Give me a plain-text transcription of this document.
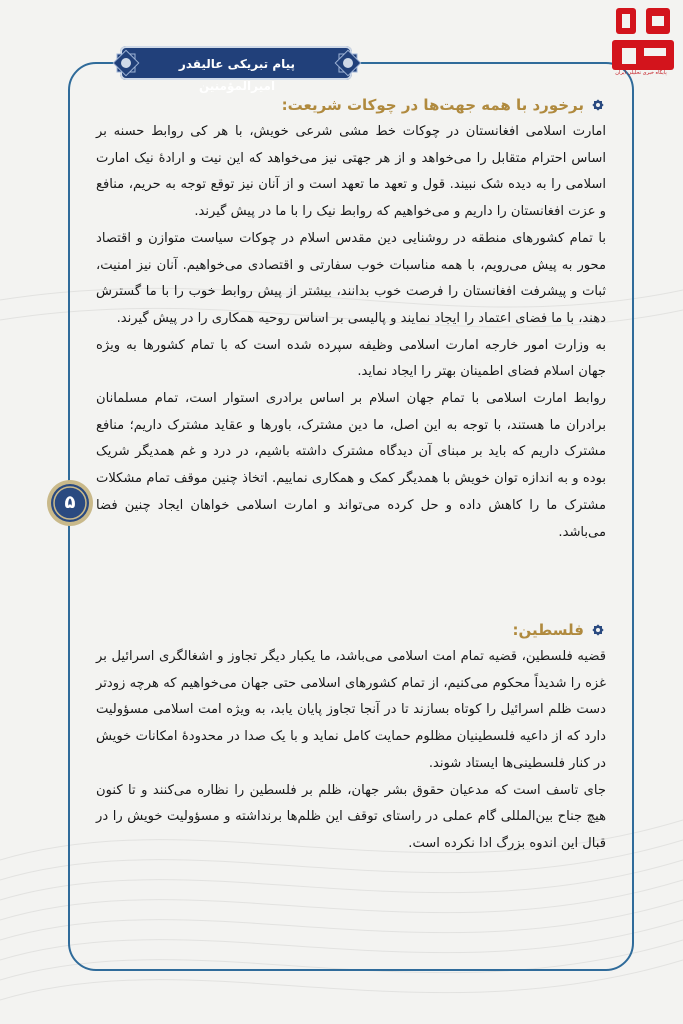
پیام تبریکی عالیقدر امیرالمؤمنین
پایگاه خبری تحلیلی ایران
۵
برخورد با همه جهت‌ها در چوکات شریعت:

امارت اسلامی افغانستان در چوکات خط مشی شرعی خویش، با هر کی روابط حسنه بر اساس احترام متقابل را می‌خواهد و از هر جهتی نیز می‌خواهد که این نیت و ارادهٔ نیک امارت اسلامی را به دیده شک نبیند. قول و تعهد ما تعهد است و از آنان نیز توقع توجه به حریم، منافع و عزت افغانستان را داریم و می‌خواهیم که روابط نیک را با ما در پیش گیرند.

با تمام کشورهای منطقه در روشنایی دین مقدس اسلام در چوکات سیاست متوازن و اقتصاد محور به پیش می‌رویم، با همه مناسبات خوب سفارتی و اقتصادی می‌خواهیم. آنان نیز امنیت، ثبات و پیشرفت افغانستان را فرصت خوب بدانند، بیشتر از پیش روابط خوب را با ما گسترش دهند، با ما فضای اعتماد را ایجاد نمایند و پالیسی بر اساس روحیه همکاری را در پیش گیرند.

به وزارت امور خارجه امارت اسلامی وظیفه سپرده شده است که با تمام کشورها به ویژه جهان اسلام فضای اطمینان بهتر را ایجاد نماید.

روابط امارت اسلامی با تمام جهان اسلام بر اساس برادری استوار است، تمام مسلمانان برادران ما هستند، با توجه به این اصل، ما دین مشترک، باورها و عقاید مشترک داریم؛ منافع مشترک داریم که باید بر مبنای آن دیدگاه مشترک داشته باشیم، در درد و غم همدیگر شریک بوده و به اندازه توان خویش با همدیگر کمک و همکاری نماییم. اتخاذ چنین موقف تمام مشکلات مشترک ما را کاهش داده و حل کرده می‌تواند و امارت اسلامی خواهان ایجاد چنین فضا می‌باشد.

فلسطین:

قضیه فلسطین، قضیه تمام امت اسلامی می‌باشد، ما یکبار دیگر تجاوز و اشغالگری اسرائیل بر غزه را شدیداً محکوم می‌کنیم، از تمام کشورهای اسلامی حتی جهان می‌خواهیم که هرچه زودتر دست ظلم اسرائیل را کوتاه بسازند تا در آنجا تجاوز پایان یابد، به ویژه امت اسلامی مسؤولیت دارد که از داعیه فلسطینیان مظلوم حمایت کامل نماید و با یک صدا در محدودهٔ امکانات خویش در کنار فلسطینی‌ها ایستاد شوند.

جای تاسف است که مدعیان حقوق بشر جهان، ظلم بر فلسطین را نظاره می‌کنند و تا کنون هیچ جناح بین‌المللی گام عملی در راستای توقف این ظلم‌ها برنداشته و مسؤولیت خویش را در قبال این اندوه بزرگ ادا نکرده است.
